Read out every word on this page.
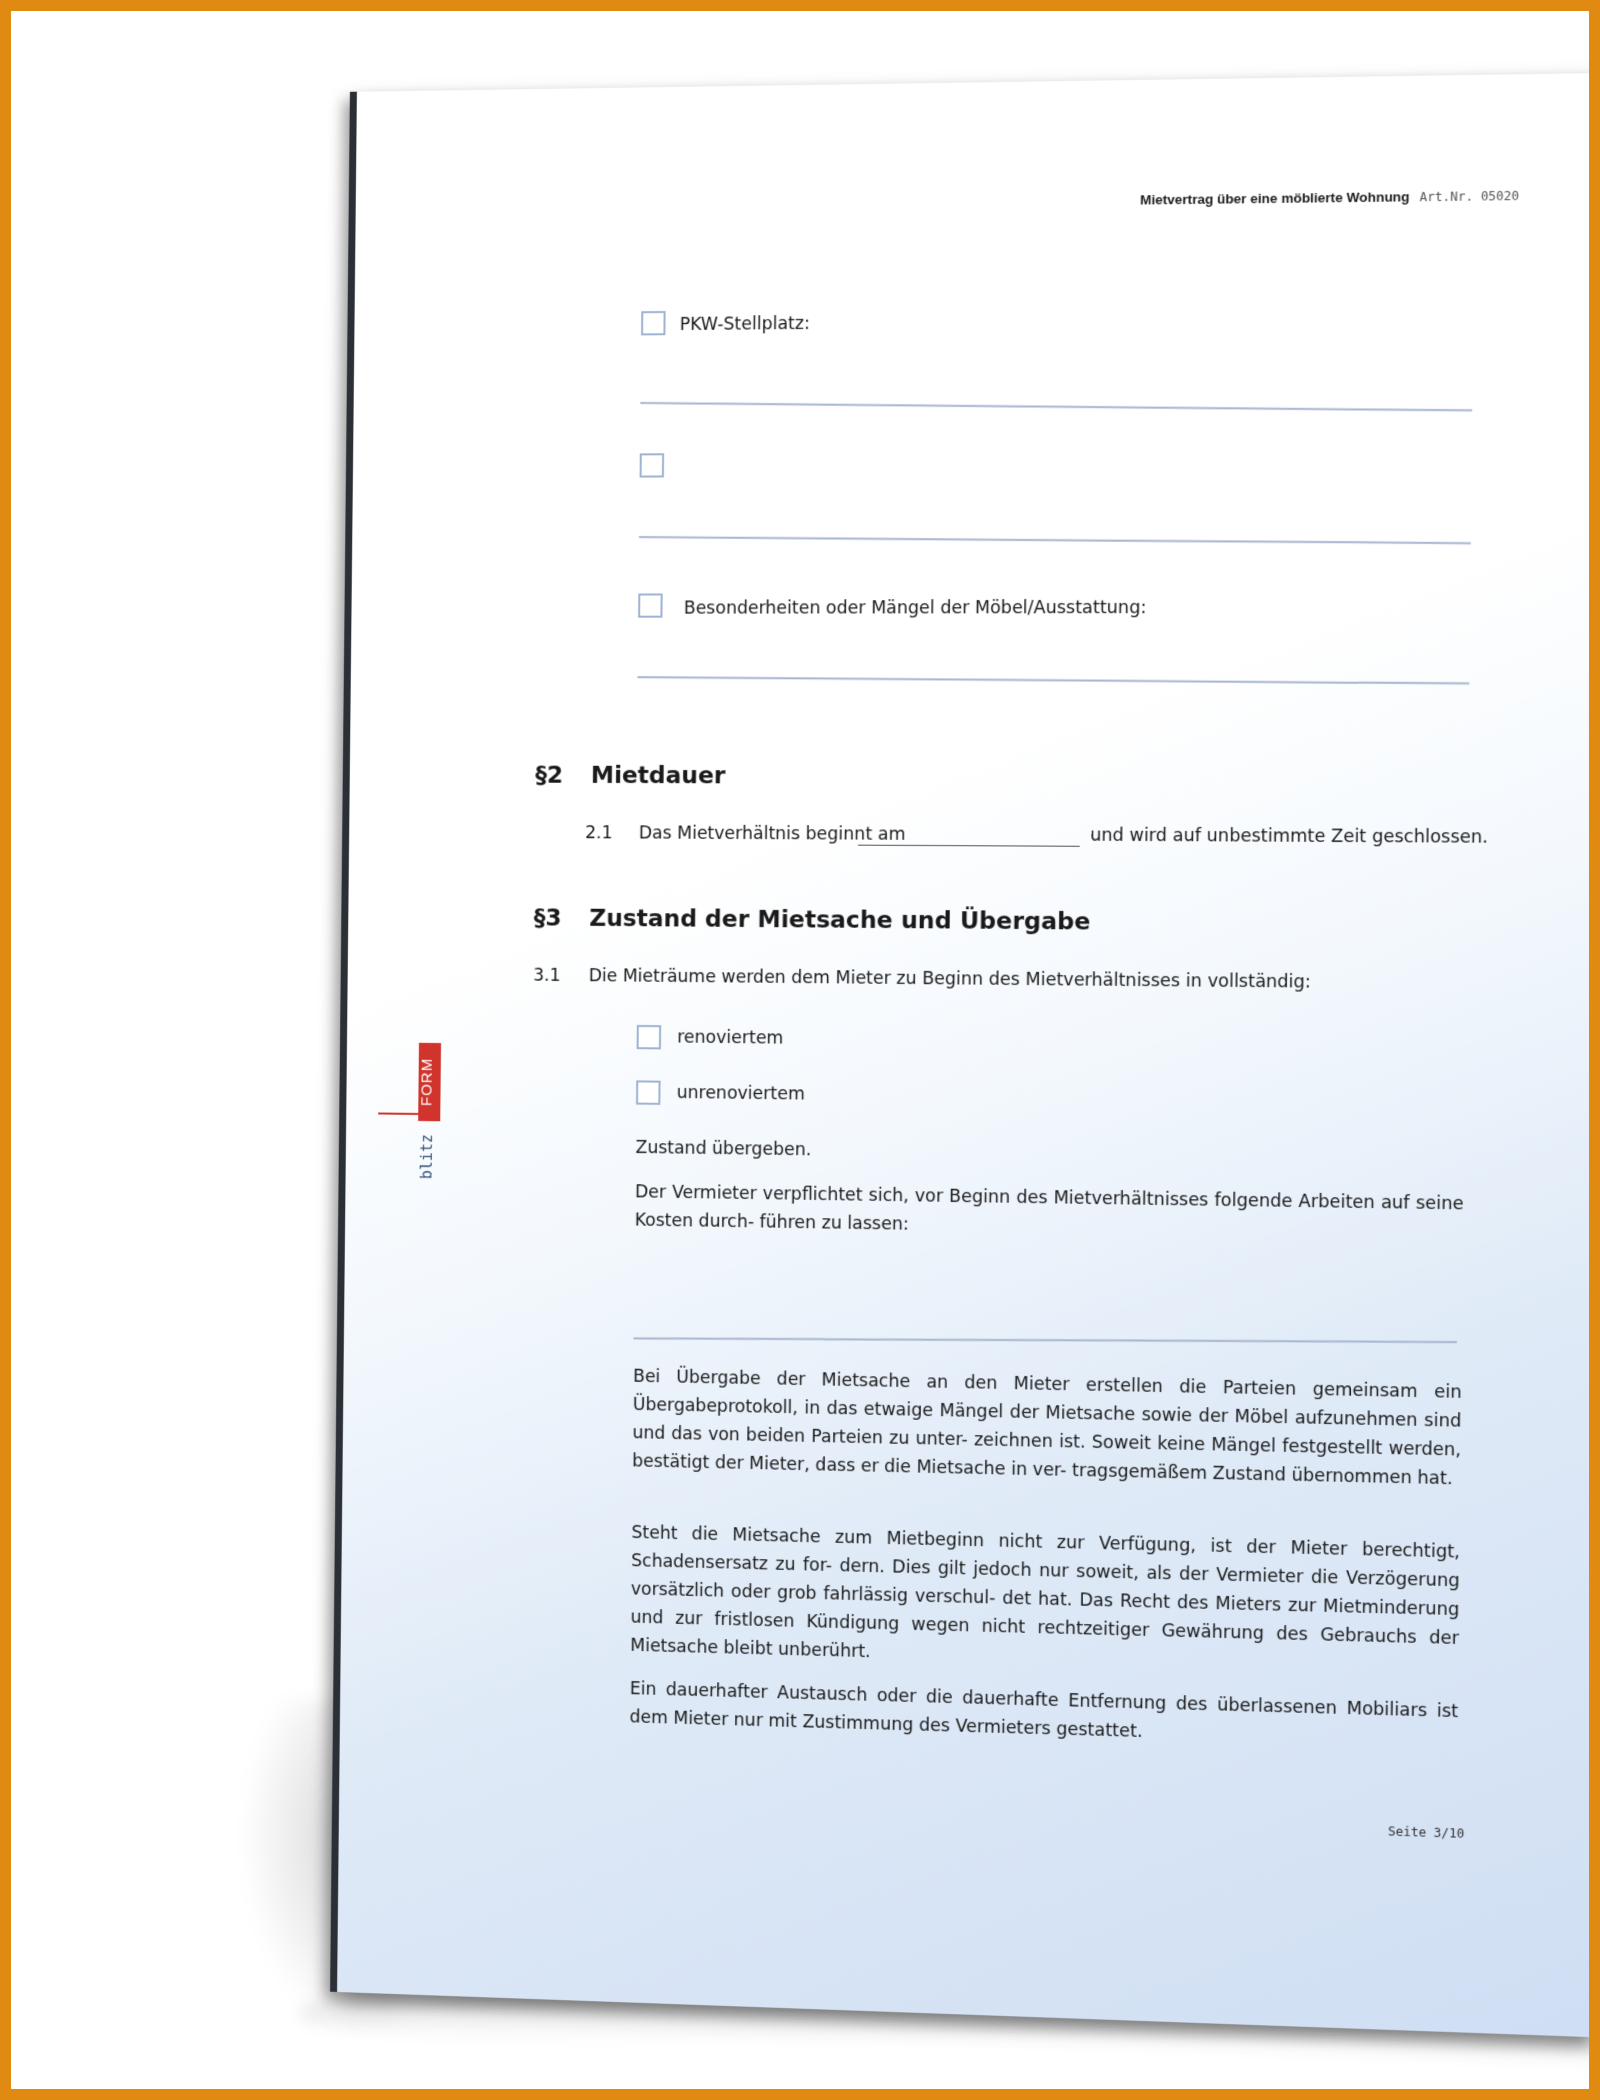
Mietvertrag über eine möblierte Wohnung Art.Nr. 05020
PKW-Stellplatz:
Besonderheiten oder Mängel der Möbel/Ausstattung:
§2 Mietdauer
2.1 Das Mietverhältnis beginnt am	und wird auf unbestimmte Zeit geschlossen.
§3 Zustand der Mietsache und Übergabe
3.1 Die Mieträume werden dem Mieter zu Beginn des Mietverhältnisses in vollständig:
renoviertem
unrenoviertem
Zustand übergeben.
Der Vermieter verpflichtet sich, vor Beginn des Mietverhältnisses folgende Arbeiten auf seine Kosten durch- führen zu lassen:
Bei Übergabe der Mietsache an den Mieter erstellen die Parteien gemeinsam ein Übergabeprotokoll, in das etwaige Mängel der Mietsache sowie der Möbel aufzunehmen sind und das von beiden Parteien zu unter- zeichnen ist. Soweit keine Mängel festgestellt werden, bestätigt der Mieter, dass er die Mietsache in ver- tragsgemäßem Zustand übernommen hat.
Steht die Mietsache zum Mietbeginn nicht zur Verfügung, ist der Mieter berechtigt, Schadensersatz zu for- dern. Dies gilt jedoch nur soweit, als der Vermieter die Verzögerung vorsätzlich oder grob fahrlässig verschul- det hat. Das Recht des Mieters zur Mietminderung und zur fristlosen Kündigung wegen nicht rechtzeitiger Gewährung des Gebrauchs der Mietsache bleibt unberührt.
Ein dauerhafter Austausch oder die dauerhafte Entfernung des überlassenen Mobiliars ist dem Mieter nur mit Zustimmung des Vermieters gestattet.
Seite 3/10
FORM
blitz
